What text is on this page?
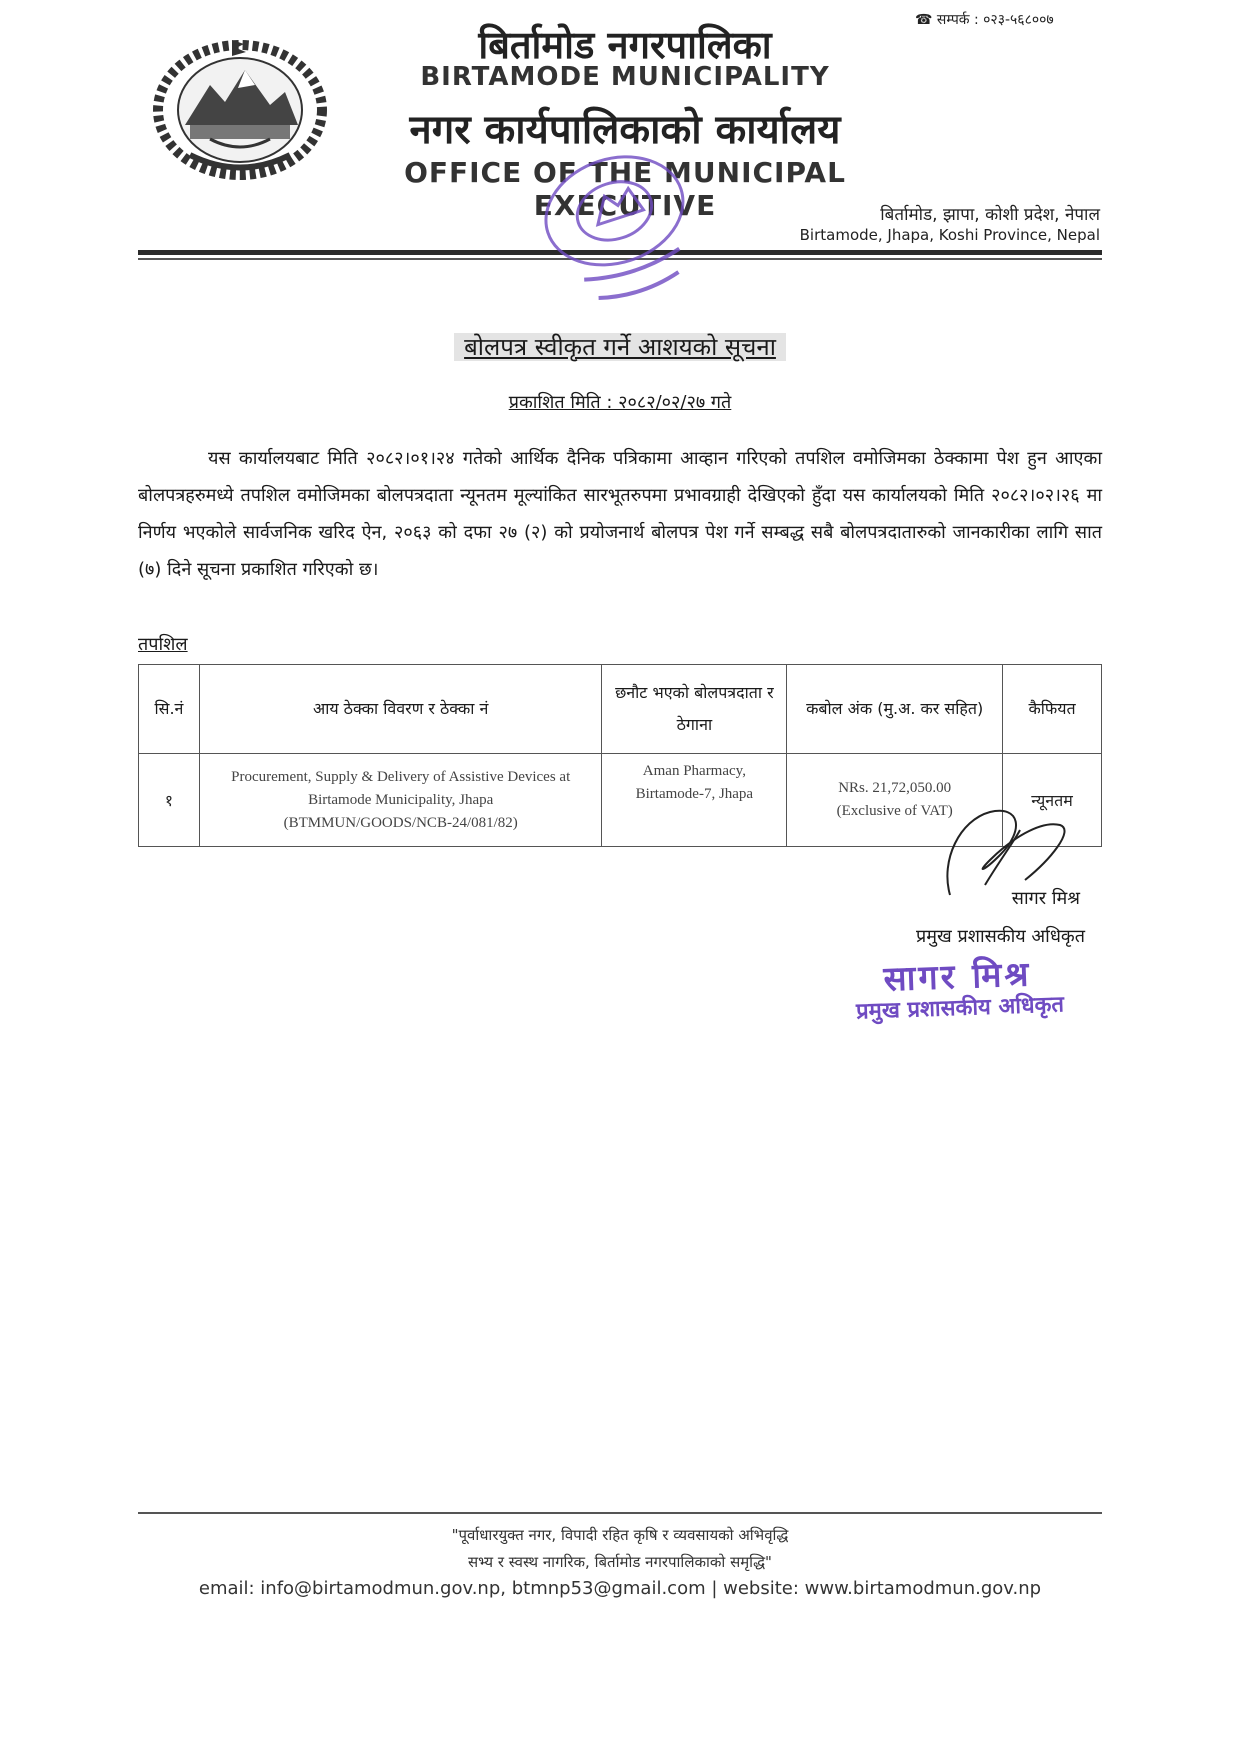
☎ सम्पर्क : ०२३-५६८००७
बिर्तामोड नगरपालिका
BIRTAMODE MUNICIPALITY
नगर कार्यपालिकाको कार्यालय
OFFICE OF THE MUNICIPAL EXECUTIVE	बिर्तामोड, झापा, कोशी प्रदेश, नेपाल
Birtamode, Jhapa, Koshi Province, Nepal
बोलपत्र स्वीकृत गर्ने आशयको सूचना
प्रकाशित मिति : २०८२/०२/२७ गते
यस कार्यालयबाट मिति २०८२।०१।२४ गतेको आर्थिक दैनिक पत्रिकामा आव्हान गरिएको तपशिल वमोजिमका ठेक्कामा पेश हुन आएका बोलपत्रहरुमध्ये तपशिल वमोजिमका बोलपत्रदाता न्यूनतम मूल्यांकित सारभूतरुपमा प्रभावग्राही देखिएको हुँदा यस कार्यालयको मिति २०८२।०२।२६ मा निर्णय भएकोले सार्वजनिक खरिद ऐन, २०६३ को दफा २७ (२) को प्रयोजनार्थ बोलपत्र पेश गर्ने सम्बद्ध सबै बोलपत्रदातारुको जानकारीका लागि सात (७) दिने सूचना प्रकाशित गरिएको छ।
तपशिल
सि.नं	आय ठेक्का विवरण र ठेक्का नं	छनौट भएको बोलपत्रदाता र ठेगाना	कबोल अंक (मु.अ. कर सहित)	कैफियत
१	Procurement, Supply & Delivery of Assistive Devices at Birtamode Municipality, Jhapa (BTMMUN/GOODS/NCB-24/081/82)	Aman Pharmacy, Birtamode-7, Jhapa	NRs. 21,72,050.00 (Exclusive of VAT)	न्यूनतम
सागर मिश्र
प्रमुख प्रशासकीय अधिकृत
सागर मिश्र
प्रमुख प्रशासकीय अधिकृत
"पूर्वाधारयुक्त नगर, विपादी रहित कृषि र व्यवसायको अभिवृद्धि
सभ्य र स्वस्थ नागरिक, बिर्तामोड नगरपालिकाको समृद्धि"
email: info@birtamodmun.gov.np, btmnp53@gmail.com | website: www.birtamodmun.gov.np
